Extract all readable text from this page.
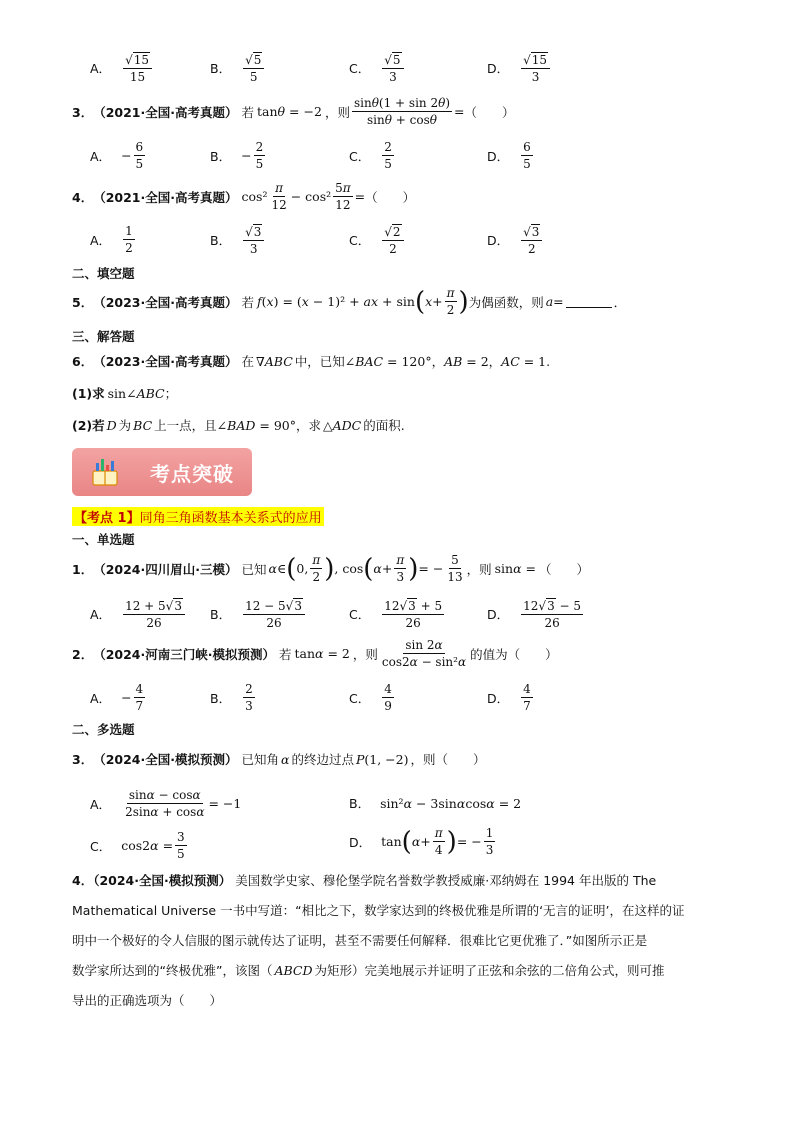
A． $\frac{√ 15}{15}$	B． $\frac{√ 5}{5}$	C． $\frac{√ 5}{3}$	D． $\frac{√ 15}{3}$
3． （2021·全国·高考真题） 若 tanθ = −2 ，则 $\frac{\sin\theta(1 + \sin 2\theta)}{\sin\theta + \cos\theta}$ = （　　）
A． − $\frac{6}{5}$	B． − $\frac{2}{5}$	C． $\frac{2}{5}$	D． $\frac{6}{5}$
4． （2021·全国·高考真题） $\cos^2 \frac{\pi}{12} - \cos^2 \frac{5\pi}{12}$ = （　　）
A． $\frac{1}{2}$	B． $\frac{√ 3}{3}$	C． $\frac{√ 2}{2}$	D． $\frac{√ 3}{2}$
二、填空题
5． （2023·全国·高考真题） 若 f(x) = (x − 1)² + ax + sin ( $x + \frac{\pi}{2}$ ) 为偶函数，则 a =	．
三、解答题
6． （2023·全国·高考真题） 在 ∇ABC 中，已知 ∠BAC = 120°，AB = 2，AC = 1.
(1)求 sin∠ABC ；
(2)若 D 为 BC 上一点，且 ∠BAD = 90° ，求 △ADC 的面积.
考点突破
【考点 1】同角三角函数基本关系式的应用
一、单选题
1． （2024·四川眉山·三模） 已知 α ∈ ( 0, $\frac{\pi}{2}$ ) , cos ( $\alpha + \frac{\pi}{3}$ ) = − $\frac{5}{13}$ ，则 sinα = （　　）
A． $\frac{12 + 5√ 3}{26}$ B． $\frac{12 - 5√ 3}{26}$	C． $\frac{12√ 3 + 5}{26}$	D． $\frac{12√ 3 - 5}{26}$
2． （2024·河南三门峡·模拟预测） 若 tanα = 2 ，则 $\frac{\sin 2\alpha}{\text{cos2α − sin²α}}$ 的值为 （　　）
A． − $\frac{4}{7}$	B． $\frac{2}{3}$	C． $\frac{4}{9}$	D． $\frac{4}{7}$
二、多选题
3． （2024·全国·模拟预测） 已知角 α 的终边过点 P(1, −2) ，则 （　　）
A． $\frac{\sin\alpha - \cos\alpha}{2\sin\alpha + \cos\alpha} = -1$	B． sin²α − 3sinαcosα = 2
C． $\cos 2\alpha = \frac{3}{5}$	D． tan ( $\alpha + \frac{\pi}{4}$ ) = − $\frac{1}{3}$
4．（2024·全国·模拟预测） 美国数学史家、穆伦堡学院名誉数学教授威廉·邓纳姆在 1994 年出版的 The
Mathematical Universe 一书中写道：“相比之下，数学家达到的终极优雅是所谓的‘无言的证明’，在这样的证
明中一个极好的令人信服的图示就传达了证明，甚至不需要任何解释．很难比它更优雅了．”如图所示正是
数学家所达到的“终极优雅”，该图（ ABCD 为矩形）完美地展示并证明了正弦和余弦的二倍角公式，则可推
导出的正确选项为（　　）
